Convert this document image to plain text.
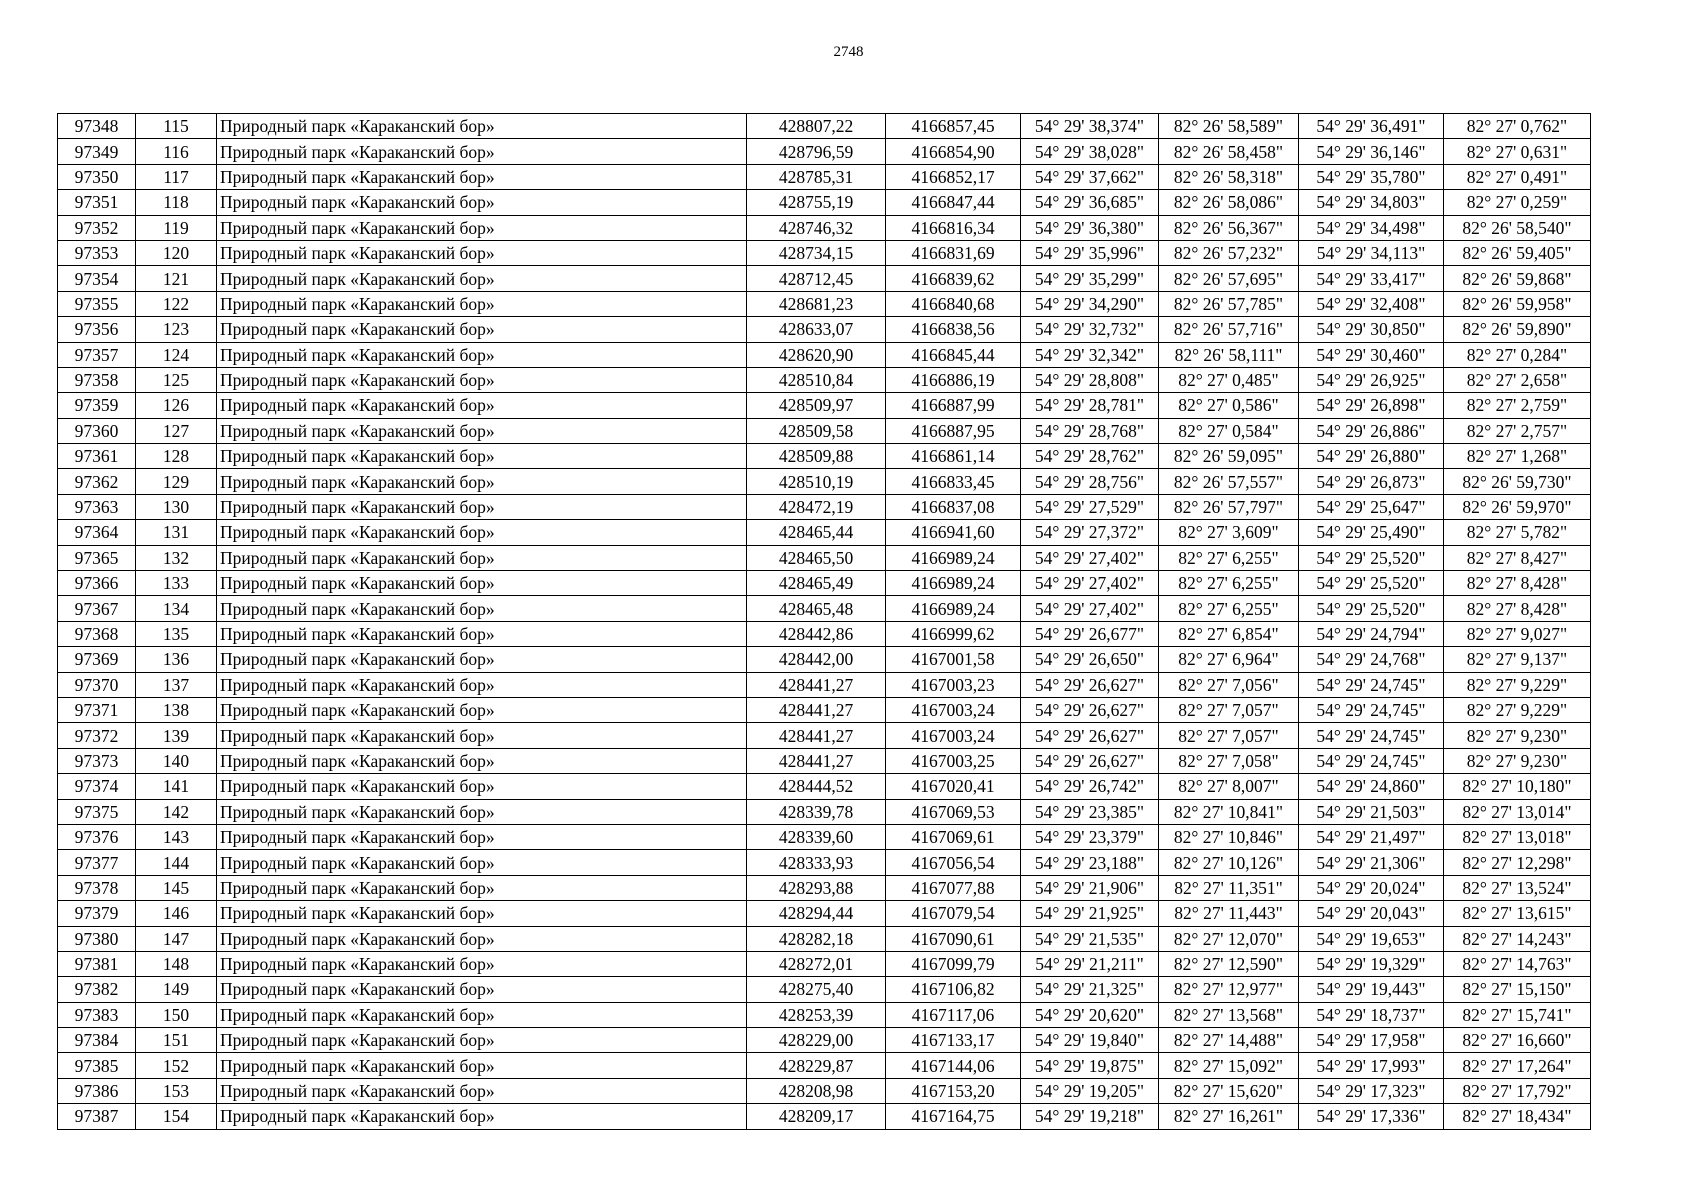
2748
97348	115	Природный парк «Караканский бор»	428807,22	4166857,45	54° 29' 38,374"	82° 26' 58,589"	54° 29' 36,491"	82° 27' 0,762"
97349	116	Природный парк «Караканский бор»	428796,59	4166854,90	54° 29' 38,028"	82° 26' 58,458"	54° 29' 36,146"	82° 27' 0,631"
97350	117	Природный парк «Караканский бор»	428785,31	4166852,17	54° 29' 37,662"	82° 26' 58,318"	54° 29' 35,780"	82° 27' 0,491"
97351	118	Природный парк «Караканский бор»	428755,19	4166847,44	54° 29' 36,685"	82° 26' 58,086"	54° 29' 34,803"	82° 27' 0,259"
97352	119	Природный парк «Караканский бор»	428746,32	4166816,34	54° 29' 36,380"	82° 26' 56,367"	54° 29' 34,498"	82° 26' 58,540"
97353	120	Природный парк «Караканский бор»	428734,15	4166831,69	54° 29' 35,996"	82° 26' 57,232"	54° 29' 34,113"	82° 26' 59,405"
97354	121	Природный парк «Караканский бор»	428712,45	4166839,62	54° 29' 35,299"	82° 26' 57,695"	54° 29' 33,417"	82° 26' 59,868"
97355	122	Природный парк «Караканский бор»	428681,23	4166840,68	54° 29' 34,290"	82° 26' 57,785"	54° 29' 32,408"	82° 26' 59,958"
97356	123	Природный парк «Караканский бор»	428633,07	4166838,56	54° 29' 32,732"	82° 26' 57,716"	54° 29' 30,850"	82° 26' 59,890"
97357	124	Природный парк «Караканский бор»	428620,90	4166845,44	54° 29' 32,342"	82° 26' 58,111"	54° 29' 30,460"	82° 27' 0,284"
97358	125	Природный парк «Караканский бор»	428510,84	4166886,19	54° 29' 28,808"	82° 27' 0,485"	54° 29' 26,925"	82° 27' 2,658"
97359	126	Природный парк «Караканский бор»	428509,97	4166887,99	54° 29' 28,781"	82° 27' 0,586"	54° 29' 26,898"	82° 27' 2,759"
97360	127	Природный парк «Караканский бор»	428509,58	4166887,95	54° 29' 28,768"	82° 27' 0,584"	54° 29' 26,886"	82° 27' 2,757"
97361	128	Природный парк «Караканский бор»	428509,88	4166861,14	54° 29' 28,762"	82° 26' 59,095"	54° 29' 26,880"	82° 27' 1,268"
97362	129	Природный парк «Караканский бор»	428510,19	4166833,45	54° 29' 28,756"	82° 26' 57,557"	54° 29' 26,873"	82° 26' 59,730"
97363	130	Природный парк «Караканский бор»	428472,19	4166837,08	54° 29' 27,529"	82° 26' 57,797"	54° 29' 25,647"	82° 26' 59,970"
97364	131	Природный парк «Караканский бор»	428465,44	4166941,60	54° 29' 27,372"	82° 27' 3,609"	54° 29' 25,490"	82° 27' 5,782"
97365	132	Природный парк «Караканский бор»	428465,50	4166989,24	54° 29' 27,402"	82° 27' 6,255"	54° 29' 25,520"	82° 27' 8,427"
97366	133	Природный парк «Караканский бор»	428465,49	4166989,24	54° 29' 27,402"	82° 27' 6,255"	54° 29' 25,520"	82° 27' 8,428"
97367	134	Природный парк «Караканский бор»	428465,48	4166989,24	54° 29' 27,402"	82° 27' 6,255"	54° 29' 25,520"	82° 27' 8,428"
97368	135	Природный парк «Караканский бор»	428442,86	4166999,62	54° 29' 26,677"	82° 27' 6,854"	54° 29' 24,794"	82° 27' 9,027"
97369	136	Природный парк «Караканский бор»	428442,00	4167001,58	54° 29' 26,650"	82° 27' 6,964"	54° 29' 24,768"	82° 27' 9,137"
97370	137	Природный парк «Караканский бор»	428441,27	4167003,23	54° 29' 26,627"	82° 27' 7,056"	54° 29' 24,745"	82° 27' 9,229"
97371	138	Природный парк «Караканский бор»	428441,27	4167003,24	54° 29' 26,627"	82° 27' 7,057"	54° 29' 24,745"	82° 27' 9,229"
97372	139	Природный парк «Караканский бор»	428441,27	4167003,24	54° 29' 26,627"	82° 27' 7,057"	54° 29' 24,745"	82° 27' 9,230"
97373	140	Природный парк «Караканский бор»	428441,27	4167003,25	54° 29' 26,627"	82° 27' 7,058"	54° 29' 24,745"	82° 27' 9,230"
97374	141	Природный парк «Караканский бор»	428444,52	4167020,41	54° 29' 26,742"	82° 27' 8,007"	54° 29' 24,860"	82° 27' 10,180"
97375	142	Природный парк «Караканский бор»	428339,78	4167069,53	54° 29' 23,385"	82° 27' 10,841"	54° 29' 21,503"	82° 27' 13,014"
97376	143	Природный парк «Караканский бор»	428339,60	4167069,61	54° 29' 23,379"	82° 27' 10,846"	54° 29' 21,497"	82° 27' 13,018"
97377	144	Природный парк «Караканский бор»	428333,93	4167056,54	54° 29' 23,188"	82° 27' 10,126"	54° 29' 21,306"	82° 27' 12,298"
97378	145	Природный парк «Караканский бор»	428293,88	4167077,88	54° 29' 21,906"	82° 27' 11,351"	54° 29' 20,024"	82° 27' 13,524"
97379	146	Природный парк «Караканский бор»	428294,44	4167079,54	54° 29' 21,925"	82° 27' 11,443"	54° 29' 20,043"	82° 27' 13,615"
97380	147	Природный парк «Караканский бор»	428282,18	4167090,61	54° 29' 21,535"	82° 27' 12,070"	54° 29' 19,653"	82° 27' 14,243"
97381	148	Природный парк «Караканский бор»	428272,01	4167099,79	54° 29' 21,211"	82° 27' 12,590"	54° 29' 19,329"	82° 27' 14,763"
97382	149	Природный парк «Караканский бор»	428275,40	4167106,82	54° 29' 21,325"	82° 27' 12,977"	54° 29' 19,443"	82° 27' 15,150"
97383	150	Природный парк «Караканский бор»	428253,39	4167117,06	54° 29' 20,620"	82° 27' 13,568"	54° 29' 18,737"	82° 27' 15,741"
97384	151	Природный парк «Караканский бор»	428229,00	4167133,17	54° 29' 19,840"	82° 27' 14,488"	54° 29' 17,958"	82° 27' 16,660"
97385	152	Природный парк «Караканский бор»	428229,87	4167144,06	54° 29' 19,875"	82° 27' 15,092"	54° 29' 17,993"	82° 27' 17,264"
97386	153	Природный парк «Караканский бор»	428208,98	4167153,20	54° 29' 19,205"	82° 27' 15,620"	54° 29' 17,323"	82° 27' 17,792"
97387	154	Природный парк «Караканский бор»	428209,17	4167164,75	54° 29' 19,218"	82° 27' 16,261"	54° 29' 17,336"	82° 27' 18,434"
